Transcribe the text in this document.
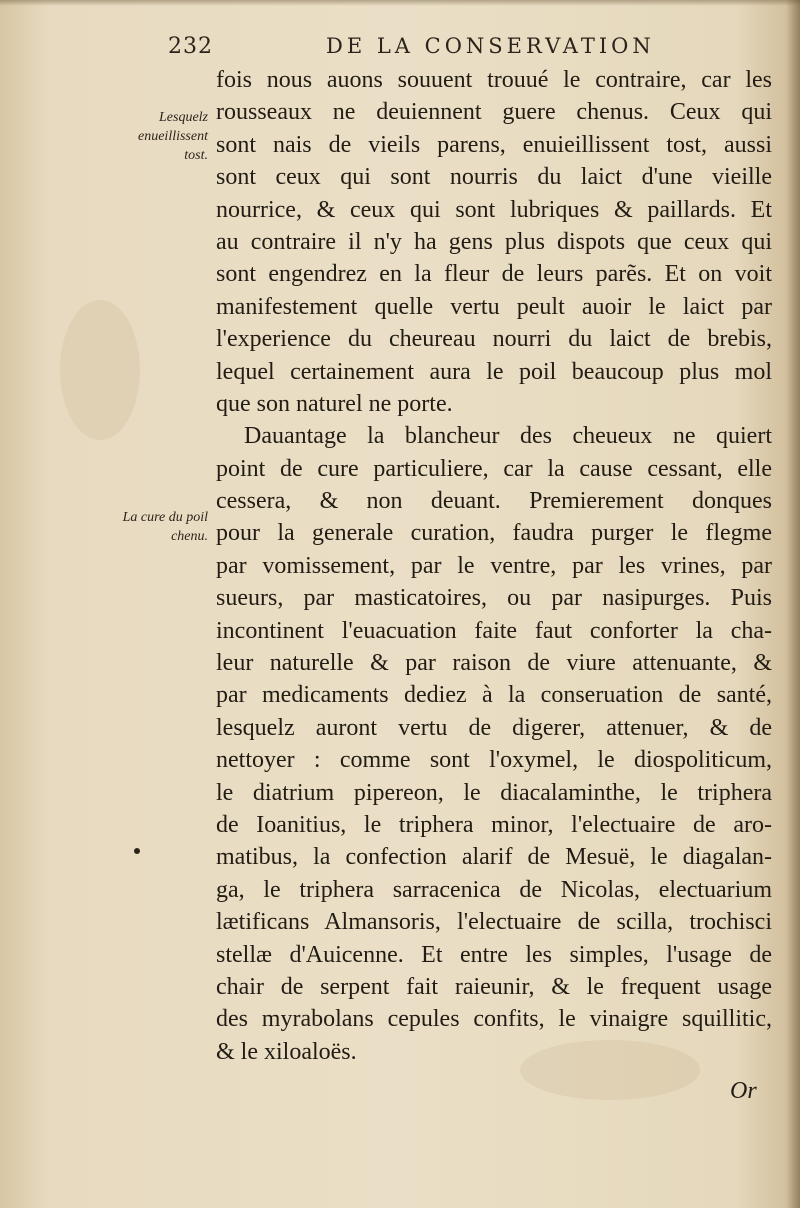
232	DE LA CONSERVATION
Lesquelz enueillissent tost.
La cure du poil chenu.
fois nous auons souuent trouué le contraire, car les
rousseaux ne deuiennent guere chenus. Ceux qui
sont nais de vieils parens, enuieillissent tost, aussi
sont ceux qui sont nourris du laict d'une vieille
nourrice, & ceux qui sont lubriques & paillards. Et
au contraire il n'y ha gens plus dispots que ceux qui
sont engendrez en la fleur de leurs parẽs. Et on voit
manifestement quelle vertu peult auoir le laict par
l'experience du cheureau nourri du laict de brebis,
lequel certainement aura le poil beaucoup plus mol
que son naturel ne porte.
Dauantage la blancheur des cheueux ne quiert
point de cure particuliere, car la cause cessant, elle
cessera, & non deuant. Premierement donques
pour la generale curation, faudra purger le flegme
par vomissement, par le ventre, par les vrines, par
sueurs, par masticatoires, ou par nasipurges. Puis
incontinent l'euacuation faite faut conforter la cha-
leur naturelle & par raison de viure attenuante, &
par medicaments dediez à la conseruation de santé,
lesquelz auront vertu de digerer, attenuer, & de
nettoyer : comme sont l'oxymel, le diospoliticum,
le diatrium pipereon, le diacalaminthe, le triphera
de Ioanitius, le triphera minor, l'electuaire de aro-
matibus, la confection alarif de Mesuë, le diagalan-
ga, le triphera sarracenica de Nicolas, electuarium
lætificans Almansoris, l'electuaire de scilla, trochisci
stellæ d'Auicenne. Et entre les simples, l'usage de
chair de serpent fait raieunir, & le frequent usage
des myrabolans cepules confits, le vinaigre squillitic,
& le xiloaloës.
Or
